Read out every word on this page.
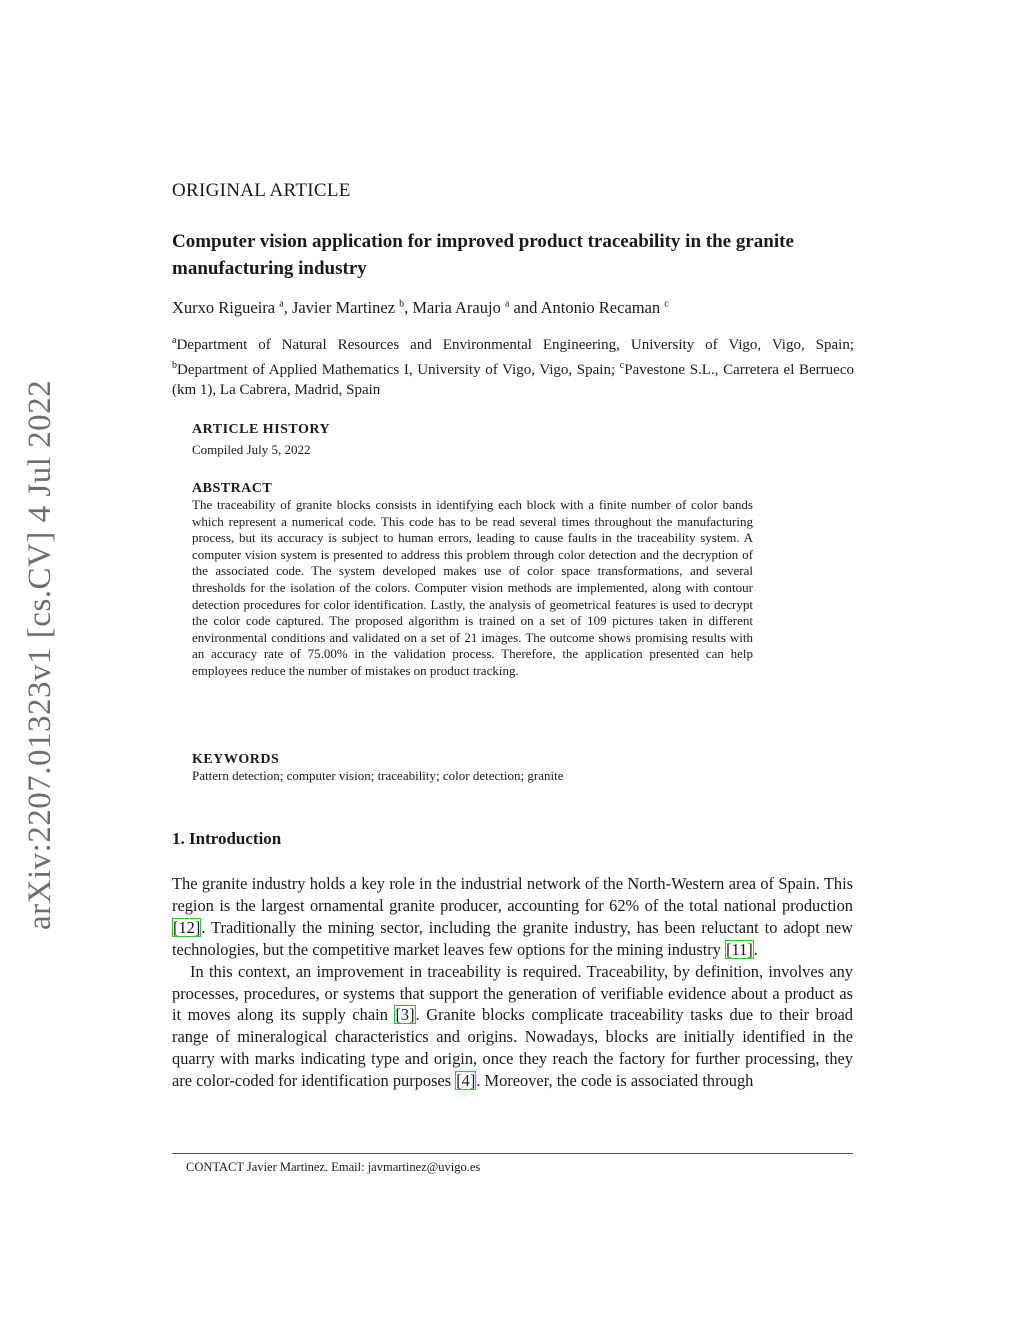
arXiv:2207.01323v1 [cs.CV] 4 Jul 2022
ORIGINAL ARTICLE
Computer vision application for improved product traceability in the granite manufacturing industry
Xurxo Rigueira $^a$, Javier Martinez $^b$, Maria Araujo $^a$ and Antonio Recaman $^c$
$^a$Department of Natural Resources and Environmental Engineering, University of Vigo, Vigo, Spain; $^b$Department of Applied Mathematics I, University of Vigo, Vigo, Spain; $^c$Pavestone S.L., Carretera el Berrueco (km 1), La Cabrera, Madrid, Spain
ARTICLE HISTORY
Compiled July 5, 2022
ABSTRACT
The traceability of granite blocks consists in identifying each block with a finite number of color bands which represent a numerical code. This code has to be read several times throughout the manufacturing process, but its accuracy is subject to human errors, leading to cause faults in the traceability system. A computer vision system is presented to address this problem through color detection and the decryption of the associated code. The system developed makes use of color space transformations, and several thresholds for the isolation of the colors. Computer vision methods are implemented, along with contour detection procedures for color identification. Lastly, the analysis of geometrical features is used to decrypt the color code captured. The proposed algorithm is trained on a set of 109 pictures taken in different environmental conditions and validated on a set of 21 images. The outcome shows promising results with an accuracy rate of 75.00% in the validation process. Therefore, the application presented can help employees reduce the number of mistakes on product tracking.
KEYWORDS
Pattern detection; computer vision; traceability; color detection; granite
1. Introduction

The granite industry holds a key role in the industrial network of the North-Western area of Spain. This region is the largest ornamental granite producer, accounting for 62% of the total national production [12]. Traditionally the mining sector, including the granite industry, has been reluctant to adopt new technologies, but the competitive market leaves few options for the mining industry [11].

In this context, an improvement in traceability is required. Traceability, by definition, involves any processes, procedures, or systems that support the generation of verifiable evidence about a product as it moves along its supply chain [3]. Granite blocks complicate traceability tasks due to their broad range of mineralogical characteristics and origins. Nowadays, blocks are initially identified in the quarry with marks indicating type and origin, once they reach the factory for further processing, they are color-coded for identification purposes [4]. Moreover, the code is associated through

CONTACT Javier Martinez. Email: javmartinez@uvigo.es
